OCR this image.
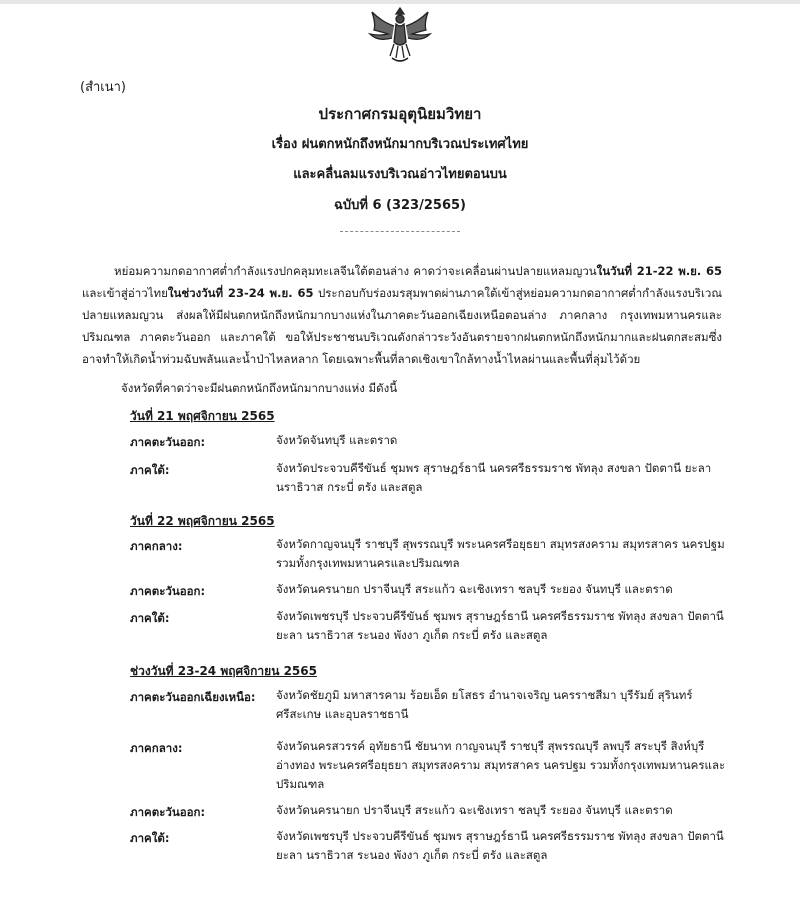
(สำเนา)
ประกาศกรมอุตุนิยมวิทยา
เรื่อง ฝนตกหนักถึงหนักมากบริเวณประเทศไทย
และคลื่นลมแรงบริเวณอ่าวไทยตอนบน
ฉบับที่ 6 (323/2565)
หย่อมความกดอากาศต่ำกำลังแรงปกคลุมทะเลจีนใต้ตอนล่าง คาดว่าจะเคลื่อนผ่านปลายแหลมญวนในวันที่ 21-22 พ.ย. 65 และเข้าสู่อ่าวไทยในช่วงวันที่ 23-24 พ.ย. 65 ประกอบกับร่องมรสุมพาดผ่านภาคใต้เข้าสู่หย่อมความกดอากาศต่ำกำลังแรงบริเวณปลายแหลมญวน ส่งผลให้มีฝนตกหนักถึงหนักมากบางแห่งในภาคตะวันออกเฉียงเหนือตอนล่าง ภาคกลาง กรุงเทพมหานครและปริมณฑล ภาคตะวันออก และภาคใต้ ขอให้ประชาชนบริเวณดังกล่าวระวังอันตรายจากฝนตกหนักถึงหนักมากและฝนตกสะสมซึ่งอาจทำให้เกิดน้ำท่วมฉับพลันและน้ำป่าไหลหลาก โดยเฉพาะพื้นที่ลาดเชิงเขาใกล้ทางน้ำไหลผ่านและพื้นที่ลุ่มไว้ด้วย
จังหวัดที่คาดว่าจะมีฝนตกหนักถึงหนักมากบางแห่ง มีดังนี้
วันที่ 21 พฤศจิกายน 2565
ภาคตะวันออก:	จังหวัดจันทบุรี และตราด
ภาคใต้:	จังหวัดประจวบคีรีขันธ์ ชุมพร สุราษฎร์ธานี นครศรีธรรมราช พัทลุง สงขลา ปัตตานี ยะลา นราธิวาส กระบี่ ตรัง และสตูล
วันที่ 22 พฤศจิกายน 2565
ภาคกลาง:	จังหวัดกาญจนบุรี ราชบุรี สุพรรณบุรี พระนครศรีอยุธยา สมุทรสงคราม สมุทรสาคร นครปฐม รวมทั้งกรุงเทพมหานครและปริมณฑล
ภาคตะวันออก:	จังหวัดนครนายก ปราจีนบุรี สระแก้ว ฉะเชิงเทรา ชลบุรี ระยอง จันทบุรี และตราด
ภาคใต้:	จังหวัดเพชรบุรี ประจวบคีรีขันธ์ ชุมพร สุราษฎร์ธานี นครศรีธรรมราช พัทลุง สงขลา ปัตตานี ยะลา นราธิวาส ระนอง พังงา ภูเก็ต กระบี่ ตรัง และสตูล
ช่วงวันที่ 23-24 พฤศจิกายน 2565
ภาคตะวันออกเฉียงเหนือ:	จังหวัดชัยภูมิ มหาสารคาม ร้อยเอ็ด ยโสธร อำนาจเจริญ นครราชสีมา บุรีรัมย์ สุรินทร์ ศรีสะเกษ และอุบลราชธานี
ภาคกลาง:	จังหวัดนครสวรรค์ อุทัยธานี ชัยนาท กาญจนบุรี ราชบุรี สุพรรณบุรี ลพบุรี สระบุรี สิงห์บุรี อ่างทอง พระนครศรีอยุธยา สมุทรสงคราม สมุทรสาคร นครปฐม รวมทั้งกรุงเทพมหานครและปริมณฑล
ภาคตะวันออก:	จังหวัดนครนายก ปราจีนบุรี สระแก้ว ฉะเชิงเทรา ชลบุรี ระยอง จันทบุรี และตราด
ภาคใต้:	จังหวัดเพชรบุรี ประจวบคีรีขันธ์ ชุมพร สุราษฎร์ธานี นครศรีธรรมราช พัทลุง สงขลา ปัตตานี ยะลา นราธิวาส ระนอง พังงา ภูเก็ต กระบี่ ตรัง และสตูล
